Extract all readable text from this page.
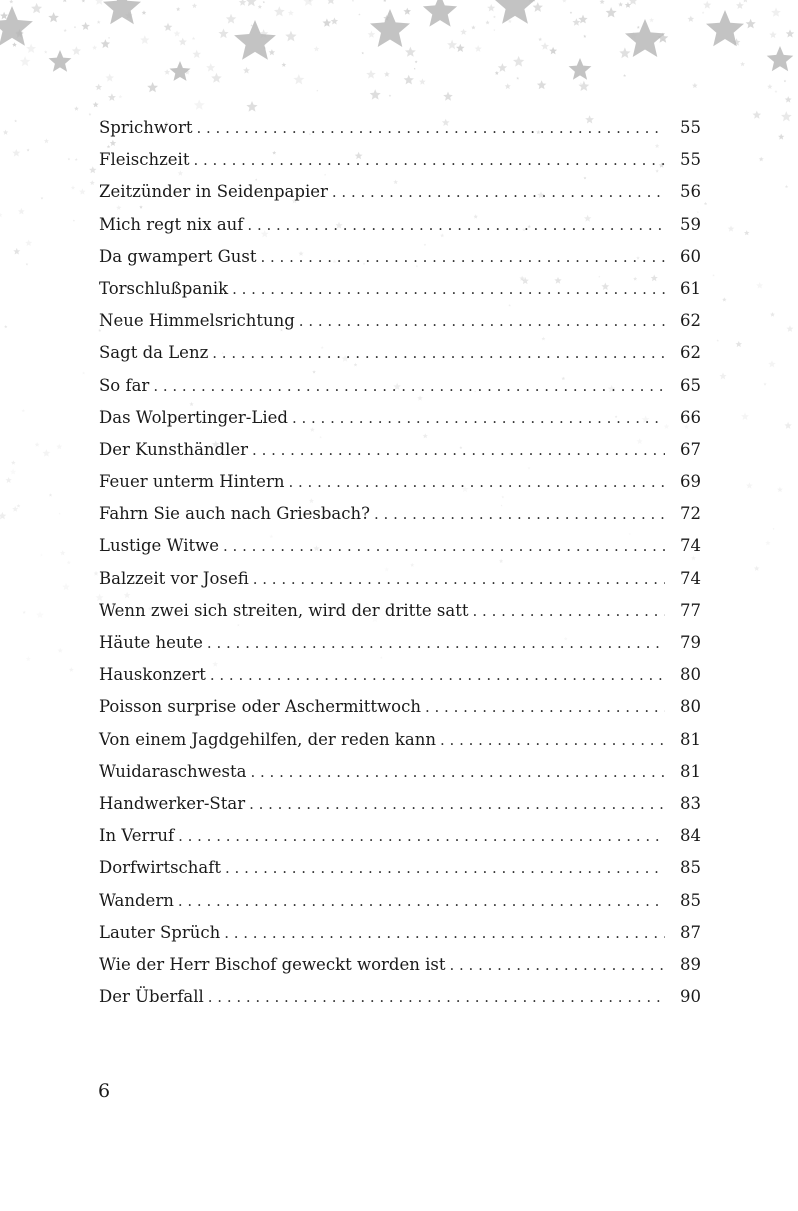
Sprichwort . . .	55
Fleischzeit . . .	55
Zeitzünder in Seidenpapier . . .	56
Mich regt nix auf . . .	59
Da gwampert Gust . . .	60
Torschlußpanik . . .	61
Neue Himmelsrichtung . . .	62
Sagt da Lenz . . .	62
So far . . .	65
Das Wolpertinger-Lied . . .	66
Der Kunsthändler . . .	67
Feuer unterm Hintern . . .	69
Fahrn Sie auch nach Griesbach? . . .	72
Lustige Witwe . . .	74
Balzzeit vor Josefi . . .	74
Wenn zwei sich streiten, wird der dritte satt . . .	77
Häute heute . . .	79
Hauskonzert . . .	80
Poisson surprise oder Aschermittwoch . . .	80
Von einem Jagdgehilfen, der reden kann . . .	81
Wuidaraschwesta . . .	81
Handwerker-Star . . .	83
In Verruf . . .	84
Dorfwirtschaft . . .	85
Wandern . . .	85
Lauter Sprüch . . .	87
Wie der Herr Bischof geweckt worden ist . . .	89
Der Überfall . . .	90
6
